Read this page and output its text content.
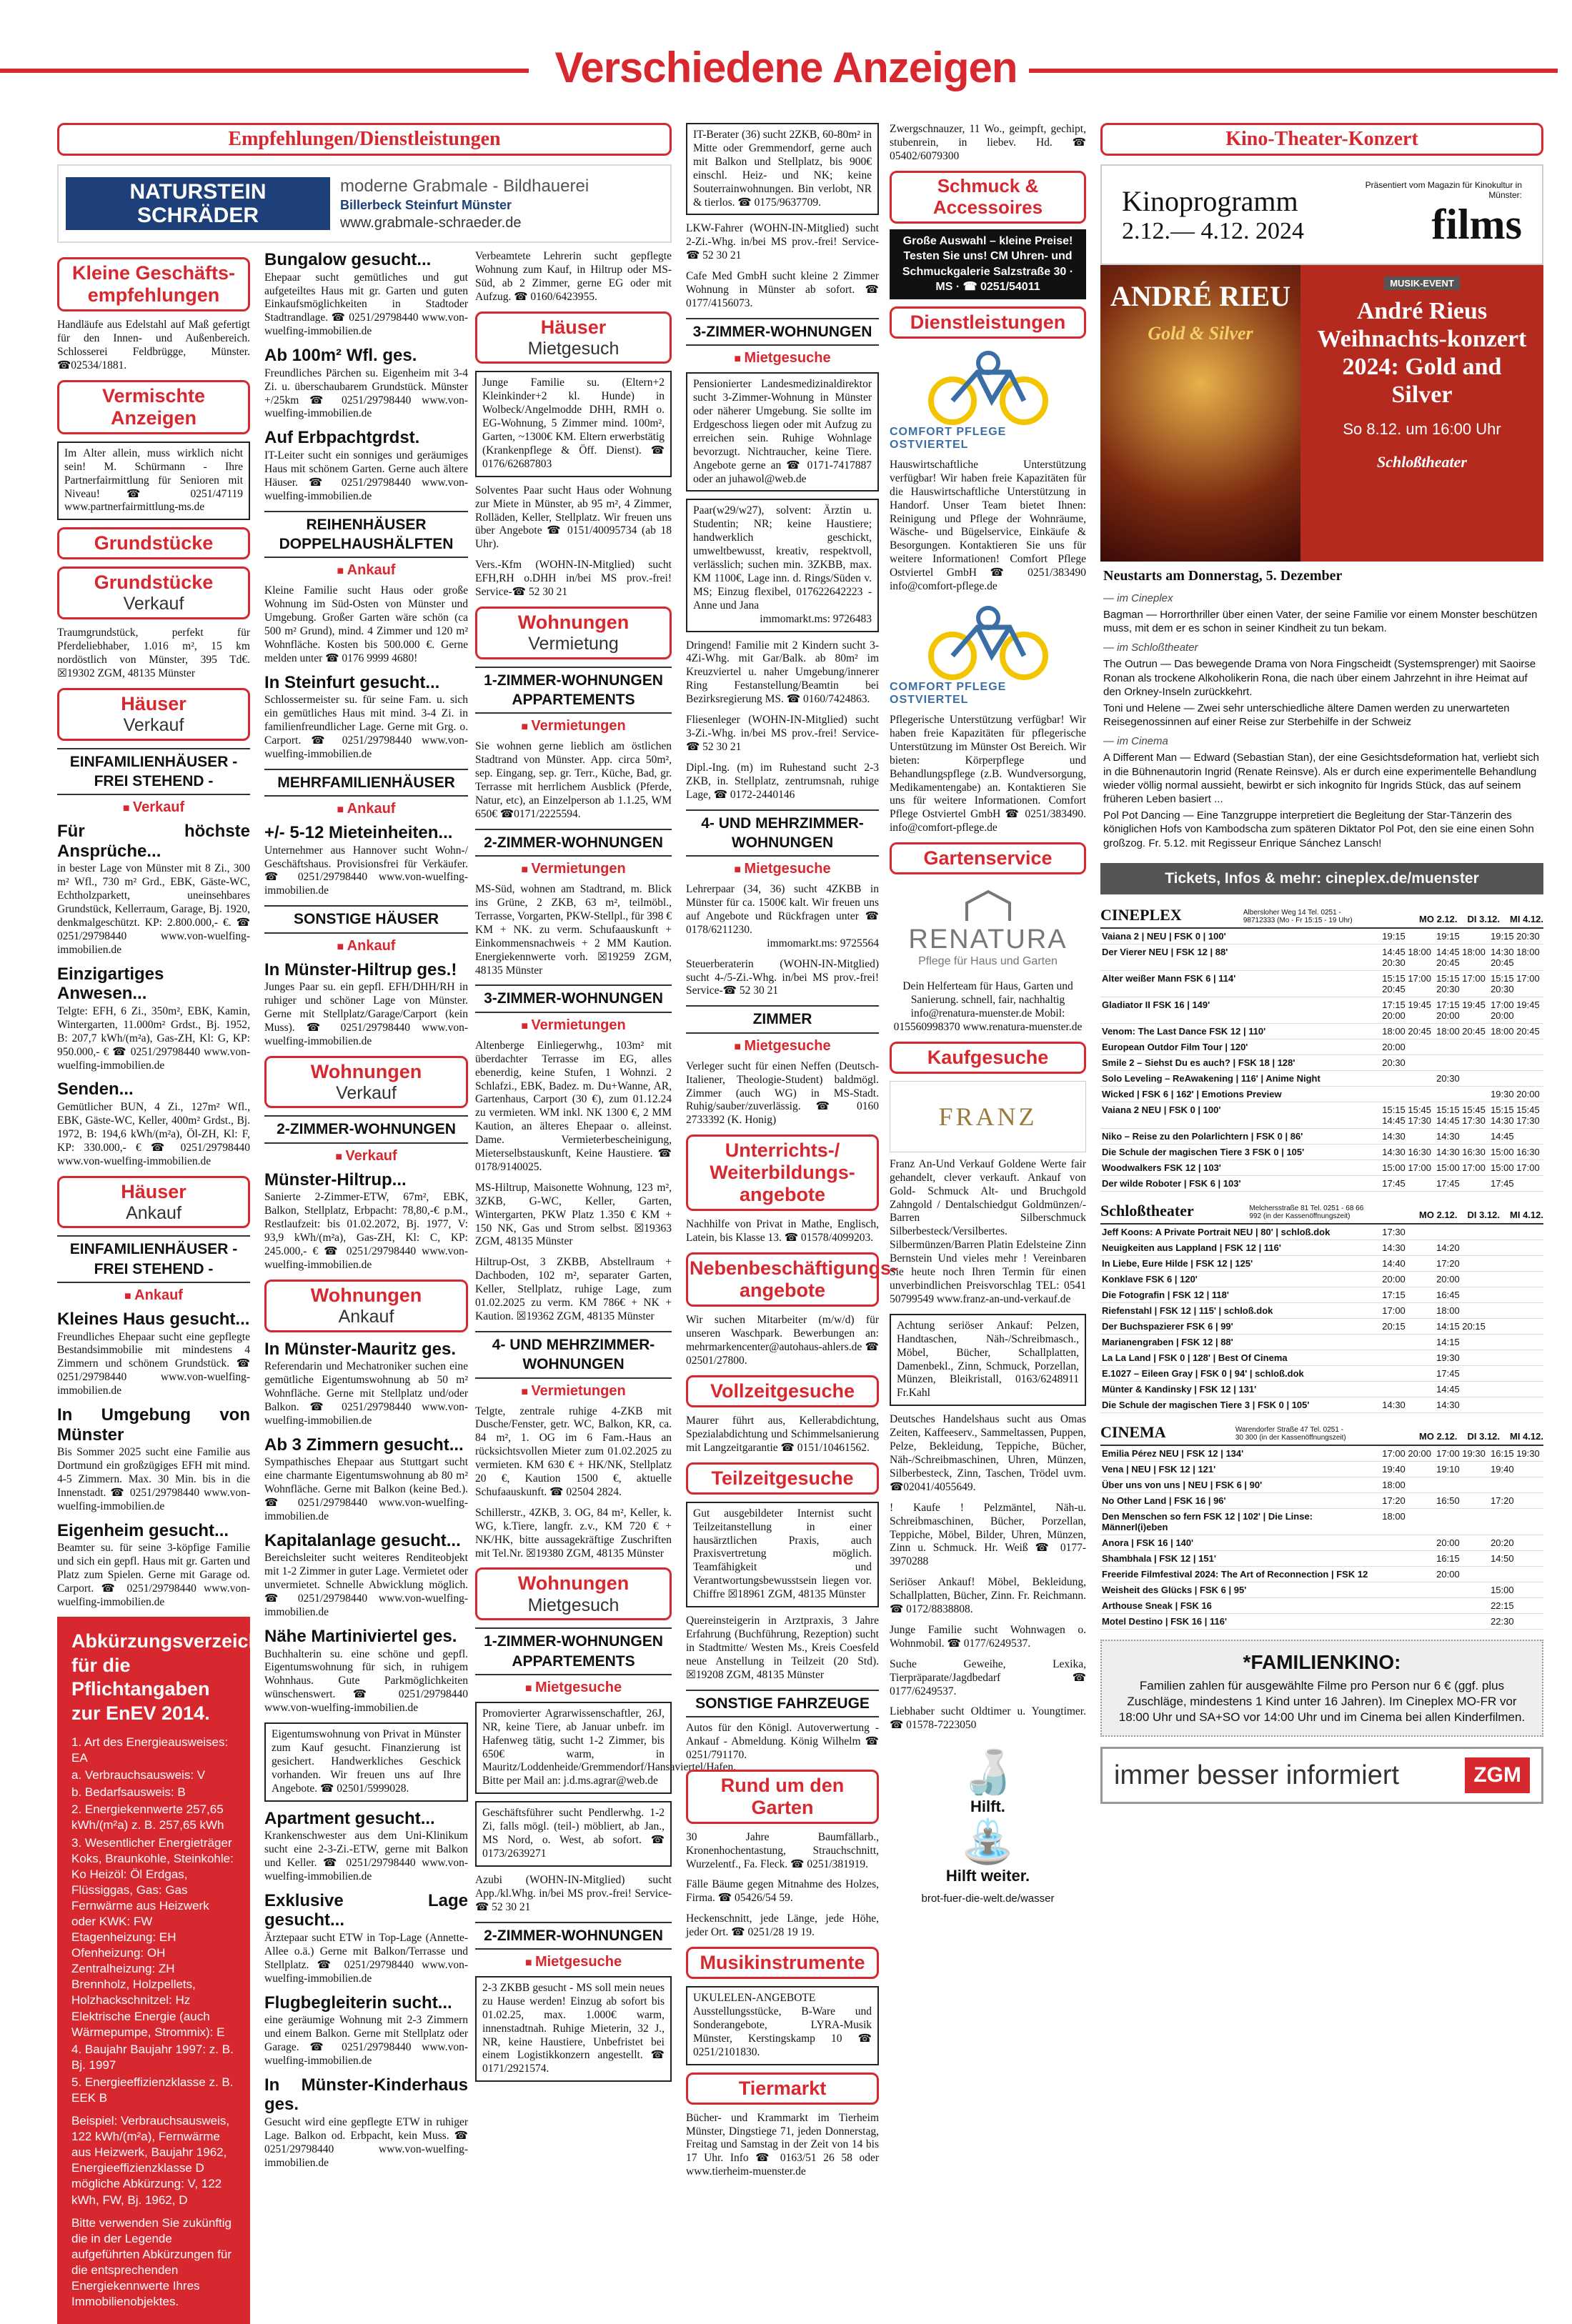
Verschiedene Anzeigen
Empfehlungen/Dienstleistungen
NATURSTEIN SCHRÄDER
moderne Grabmale - Bildhauerei
Billerbeck Steinfurt Münster
www.grabmale-schraeder.de
Kleine Geschäfts-empfehlungen
Handläufe aus Edelstahl auf Maß gefertigt für den Innen- und Außenbereich. Schlosserei Feldbrügge, Münster. ☎02534/1881.
Vermischte Anzeigen
Im Alter allein, muss wirklich nicht sein! M. Schürmann - Ihre Partnerfairmittlung für Senioren mit Niveau! ☎ 0251/47119 www.partnerfairmittlung-ms.de
Grundstücke
Grundstücke
Verkauf
Traumgrundstück, perfekt für Pferdeliebhaber, 1.016 m², 15 km nordöstlich von Münster, 395 Td€. ☒19302 ZGM, 48135 Münster
Häuser
Verkauf
EINFAMILIENHÄUSER - FREI STEHEND -
■ Verkauf
Für höchste Ansprüche...
in bester Lage von Münster mit 8 Zi., 300 m² Wfl., 730 m² Grd., EBK, Gäste-WC, Echtholzparkett, uneinsehbares Grundstück, Kellerraum, Garage, Bj. 1920, denkmalgeschützt. KP: 2.800.000,- €. ☎ 0251/29798440 www.von-wuelfing-immobilien.de
Einzigartiges Anwesen...
Telgte: EFH, 6 Zi., 350m², EBK, Kamin, Wintergarten, 11.000m² Grdst., Bj. 1952, B: 207,7 kWh/(m²a), Gas-ZH, Kl: G, KP: 950.000,- € ☎ 0251/29798440 www.von-wuelfing-immobilien.de
Senden...
Gemütlicher BUN, 4 Zi., 127m² Wfl., EBK, Gäste-WC, Keller, 400m² Grdst., Bj. 1972, B: 194,6 kWh/(m²a), Öl-ZH, Kl: F, KP: 330.000,- € ☎ 0251/29798440 www.von-wuelfing-immobilien.de
Häuser
Ankauf
EINFAMILIENHÄUSER - FREI STEHEND -
■ Ankauf
Kleines Haus gesucht...
Freundliches Ehepaar sucht eine gepflegte Bestandsimmobilie mit mindestens 4 Zimmern und schönem Grundstück. ☎ 0251/29798440 www.von-wuelfing-immobilien.de
In Umgebung von Münster
Bis Sommer 2025 sucht eine Familie aus Dortmund ein großzügiges EFH mit mind. 4-5 Zimmern. Max. 30 Min. bis in die Innenstadt. ☎ 0251/29798440 www.von-wuelfing-immobilien.de
Eigenheim gesucht...
Beamter su. für seine 3-köpfige Familie und sich ein gepfl. Haus mit gr. Garten und Platz zum Spielen. Gerne mit Garage od. Carport. ☎ 0251/29798440 www.von-wuelfing-immobilien.de
Abkürzungsverzeichnis für die Pflichtangaben zur EnEV 2014.
1. Art des Energieausweises: EA
a. Verbrauchsausweis: V
b. Bedarfsausweis: B
2. Energiekennwerte 257,65 kWh/(m²a) z. B. 257,65 kWh
3. Wesentlicher Energieträger Koks, Braunkohle, Steinkohle: Ko Heizöl: Öl Erdgas, Flüssiggas, Gas: Gas Fernwärme aus Heizwerk oder KWK: FW Etagenheizung: EH Ofenheizung: OH Zentralheizung: ZH Brennholz, Holzpellets, Holzhackschnitzel: Hz Elektrische Energie (auch Wärmepumpe, Strommix): E
4. Baujahr Baujahr 1997: z. B. Bj. 1997
5. Energieeffizienzklasse z. B. EEK B
Beispiel: Verbrauchsausweis, 122 kWh/(m²a), Fernwärme aus Heizwerk, Baujahr 1962, Energieeffizienzklasse D mögliche Abkürzung: V, 122 kWh, FW, Bj. 1962, D
Bitte verwenden Sie zukünftig die in der Legende aufgeführten Abkürzungen für die entsprechenden Energiekennwerte Ihres Immobilienobjektes.
Bungalow gesucht...
Ehepaar sucht gemütliches und gut aufgeteiltes Haus mit gr. Garten und guten Einkaufsmöglichkeiten in Stadtoder Stadtrandlage. ☎ 0251/29798440 www.von-wuelfing-immobilien.de
Ab 100m² Wfl. ges.
Freundliches Pärchen su. Eigenheim mit 3-4 Zi. u. überschaubarem Grundstück. Münster +/25km ☎ 0251/29798440 www.von-wuelfing-immobilien.de
Auf Erbpachtgrdst.
IT-Leiter sucht ein sonniges und geräumiges Haus mit schönem Garten. Gerne auch ältere Häuser. ☎ 0251/29798440 www.von-wuelfing-immobilien.de
REIHENHÄUSER DOPPELHAUSHÄLFTEN
■ Ankauf
Kleine Familie sucht Haus oder große Wohnung im Süd-Osten von Münster und Umgebung. Großer Garten wäre schön (ca 500 m² Grund), mind. 4 Zimmer und 120 m² Wohnfläche. Kosten bis 500.000 €. Gerne melden unter ☎ 0176 9999 4680!
In Steinfurt gesucht...
Schlossermeister su. für seine Fam. u. sich ein gemütliches Haus mit mind. 3-4 Zi. in familienfreundlicher Lage. Gerne mit Grg. o. Carport. ☎ 0251/29798440 www.von-wuelfing-immobilien.de
MEHRFAMILIENHÄUSER
■ Ankauf
+/- 5-12 Mieteinheiten...
Unternehmer aus Hannover sucht Wohn-/ Geschäftshaus. Provisionsfrei für Verkäufer. ☎ 0251/29798440 www.von-wuelfing-immobilien.de
SONSTIGE HÄUSER
■ Ankauf
In Münster-Hiltrup ges.!
Junges Paar su. ein gepfl. EFH/DHH/RH in ruhiger und schöner Lage von Münster. Gerne mit Stellplatz/Garage/Carport (kein Muss). ☎ 0251/29798440 www.von-wuelfing-immobilien.de
Wohnungen
Verkauf
2-ZIMMER-WOHNUNGEN
■ Verkauf
Münster-Hiltrup...
Sanierte 2-Zimmer-ETW, 67m², EBK, Balkon, Stellplatz, Erbpacht: 78,80,-€ p.M., Restlaufzeit: bis 01.02.2072, Bj. 1977, V: 93,9 kWh/(m²a), Gas-ZH, Kl: C, KP: 245.000,- € ☎ 0251/29798440 www.von-wuelfing-immobilien.de
Wohnungen
Ankauf
In Münster-Mauritz ges.
Referendarin und Mechatroniker suchen eine gemütliche Eigentumswohnung ab 50 m² Wohnfläche. Gerne mit Stellplatz und/oder Balkon. ☎ 0251/29798440 www.von-wuelfing-immobilien.de
Ab 3 Zimmern gesucht...
Sympathisches Ehepaar aus Stuttgart sucht eine charmante Eigentumswohnung ab 80 m² Wohnfläche. Gerne mit Balkon (keine Bed.). ☎ 0251/29798440 www.von-wuelfing-immobilien.de
Kapitalanlage gesucht...
Bereichsleiter sucht weiteres Renditeobjekt mit 1-2 Zimmer in guter Lage. Vermietet oder unvermietet. Schnelle Abwicklung möglich. ☎ 0251/29798440 www.von-wuelfing-immobilien.de
Nähe Martiniviertel ges.
Buchhalterin su. eine schöne und gepfl. Eigentumswohnung für sich, in ruhigem Wohnhaus. Gute Parkmöglichkeiten wünschenswert. ☎ 0251/29798440 www.von-wuelfing-immobilien.de
Eigentumswohnung von Privat in Münster zum Kauf gesucht. Finanzierung ist gesichert. Handwerkliches Geschick vorhanden. Wir freuen uns auf Ihre Angebote. ☎ 02501/5999028.
Apartment gesucht...
Krankenschwester aus dem Uni-Klinikum sucht eine 2-3-Zi.-ETW, gerne mit Balkon und Keller. ☎ 0251/29798440 www.von-wuelfing-immobilien.de
Exklusive Lage gesucht...
Ärztepaar sucht ETW in Top-Lage (Annette-Allee o.ä.) Gerne mit Balkon/Terrasse und Stellplatz. ☎ 0251/29798440 www.von-wuelfing-immobilien.de
Flugbegleiterin sucht...
eine geräumige Wohnung mit 2-3 Zimmern und einem Balkon. Gerne mit Stellplatz oder Garage. ☎ 0251/29798440 www.von-wuelfing-immobilien.de
In Münster-Kinderhaus ges.
Gesucht wird eine gepflegte ETW in ruhiger Lage. Balkon od. Erbpacht, kein Muss. ☎ 0251/29798440 www.von-wuelfing-immobilien.de
Verbeamtete Lehrerin sucht gepflegte Wohnung zum Kauf, in Hiltrup oder MS-Süd, ab 2 Zimmer, gerne EG oder mit Aufzug. ☎ 0160/6423955.
Häuser
Mietgesuch
Junge Familie su. (Eltern+2 Kleinkinder+2 kl. Hunde) in Wolbeck/Angelmodde DHH, RMH o. EG-Wohnung, 5 Zimmer mind. 100m², Garten, ~1300€ KM. Eltern erwerbstätig (Krankenpflege & Öff. Dienst). ☎ 0176/62687803
Solventes Paar sucht Haus oder Wohnung zur Miete in Münster, ab 95 m², 4 Zimmer, Rolläden, Keller, Stellplatz. Wir freuen uns über Angebote ☎ 0151/40095734 (ab 18 Uhr).
Vers.-Kfm (WOHN-IN-Mitglied) sucht EFH,RH o.DHH in/bei MS prov.-frei! Service-☎ 52 30 21
Wohnungen
Vermietung
1-ZIMMER-WOHNUNGEN APPARTEMENTS
■ Vermietungen
Sie wohnen gerne lieblich am östlichen Stadtrand von Münster. App. circa 50m², sep. Eingang, sep. gr. Terr., Küche, Bad, gr. Terrasse mit herrlichem Ausblick (Pferde, Natur, etc), an Einzelperson ab 1.1.25, WM 650€ ☎0171/2225594.
2-ZIMMER-WOHNUNGEN
■ Vermietungen
MS-Süd, wohnen am Stadtrand, m. Blick ins Grüne, 2 ZKB, 63 m², teilmöbl., Terrasse, Vorgarten, PKW-Stellpl., für 398 € KM + NK. zu verm. Schufaauskunft + Einkommensnachweis + 2 MM Kaution. Energiekennwerte vorh. ☒19259 ZGM, 48135 Münster
3-ZIMMER-WOHNUNGEN
■ Vermietungen
Altenberge Einliegerwhg., 103m² mit überdachter Terrasse im EG, alles ebenerdig, keine Stufen, 1 Wohnzi. 2 Schlafzi., EBK, Badez. m. Du+Wanne, AR, Gartenhaus, Carport (30 €), zum 01.12.24 zu vermieten. WM inkl. NK 1300 €, 2 MM Kaution, an älteres Ehepaar o. alleinst. Dame. Vermieterbescheinigung, Mieterselbstauskunft, Keine Haustiere. ☎ 0178/9140025.
MS-Hiltrup, Maisonette Wohnung, 123 m², 3ZKB, G-WC, Keller, Garten, Wintergarten, PKW Platz 1.350 € KM + 150 NK, Gas und Strom selbst. ☒19363 ZGM, 48135 Münster
Hiltrup-Ost, 3 ZKBB, Abstellraum + Dachboden, 102 m², separater Garten, Keller, Stellplatz, ruhige Lage, zum 01.02.2025 zu verm. KM 786€ + NK + Kaution. ☒19362 ZGM, 48135 Münster
4- UND MEHRZIMMER-WOHNUNGEN
■ Vermietungen
Telgte, zentrale ruhige 4-ZKB mit Dusche/Fenster, getr. WC, Balkon, KR, ca. 84 m², 1. OG im 6 Fam.-Haus an rücksichtsvollen Mieter zum 01.02.2025 zu vermieten. KM 630 € + HK/NK, Stellplatz 20 €, Kaution 1500 €, aktuelle Schufaauskunft. ☎ 02504 2824.
Schillerstr., 4ZKB, 3. OG, 84 m², Keller, k. WG, k.Tiere, langfr. z.v., KM 720 € + NK/HK, bitte aussagekräftige Zuschriften mit Tel.Nr. ☒19380 ZGM, 48135 Münster
Wohnungen
Mietgesuch
1-ZIMMER-WOHNUNGEN APPARTEMENTS
■ Mietgesuche
Promovierter Agrarwissenschaftler, 26J, NR, keine Tiere, ab Januar unbefr. im Hafenweg tätig, sucht 1-2 Zimmer, bis 650€ warm, in Mauritz/Loddenheide/Gremmendorf/Hansaviertel/Hafen. Bitte per Mail an: j.d.ms.agrar@web.de
Geschäftsführer sucht Pendlerwhg. 1-2 Zi, falls mögl. (teil-) möbliert, ab Jan., MS Nord, o. West, ab sofort. ☎ 0173/2639271
Azubi (WOHN-IN-Mitglied) sucht App./kl.Whg. in/bei MS prov.-frei! Service-☎ 52 30 21
2-ZIMMER-WOHNUNGEN
■ Mietgesuche
2-3 ZKBB gesucht - MS soll mein neues zu Hause werden! Einzug ab sofort bis 01.02.25, max. 1.000€ warm, innenstadtnah. Ruhige Mieterin, 32 J., NR, keine Haustiere, Unbefristet bei einem Logistikkonzern angestellt. ☎ 0171/2921574.
IT-Berater (36) sucht 2ZKB, 60-80m² in Mitte oder Gremmendorf, gerne auch mit Balkon und Stellplatz, bis 900€ einschl. Heiz- und NK; keine Souterrainwohnungen. Bin verlobt, NR & tierlos. ☎ 0175/9637709.
LKW-Fahrer (WOHN-IN-Mitglied) sucht 2-Zi.-Whg. in/bei MS prov.-frei! Service-☎ 52 30 21
Cafe Med GmbH sucht kleine 2 Zimmer Wohnung in Münster ab sofort. ☎ 0177/4156073.
3-ZIMMER-WOHNUNGEN
■ Mietgesuche
Pensionierter Landesmedizinaldirektor sucht 3-Zimmer-Wohnung in Münster oder näherer Umgebung. Sie sollte im Erdgeschoss liegen oder mit Aufzug zu erreichen sein. Ruhige Wohnlage bevorzugt. Nichtraucher, keine Tiere. Angebote gerne an ☎ 0171-7417887 oder an juhawol@web.de
Paar(w29/w27), solvent: Ärztin u. Studentin; NR; keine Haustiere; handwerklich geschickt, umweltbewusst, kreativ, respektvoll, verlässlich; suchen min. 3ZKBB, max. KM 1100€, Lage inn. d. Rings/Süden v. MS; Einzug flexibel, 017622642223 - Anne und Jana

immomarkt.ms: 9726483
Dringend! Familie mit 2 Kindern sucht 3-4Zi-Whg. mit Gar/Balk. ab 80m² im Kreuzviertel u. naher Umgebung/innerer Ring Festanstellung/Beamtin bei Bezirksregierung MS. ☎ 0160/7424863.
Fliesenleger (WOHN-IN-Mitglied) sucht 3-Zi.-Whg. in/bei MS prov.-frei! Service-☎ 52 30 21
Dipl.-Ing. (m) im Ruhestand sucht 2-3 ZKB, in. Stellplatz, zentrumsnah, ruhige Lage, ☎ 0172-2440146
4- UND MEHRZIMMER-WOHNUNGEN
■ Mietgesuche
Lehrerpaar (34, 36) sucht 4ZKBB in Münster für ca. 1500€ kalt. Wir freuen uns auf Angebote und Rückfragen unter ☎ 0178/6211230.

immomarkt.ms: 9725564
Steuerberaterin (WOHN-IN-Mitglied) sucht 4-/5-Zi.-Whg. in/bei MS prov.-frei! Service-☎ 52 30 21
ZIMMER
■ Mietgesuche
Verleger sucht für einen Neffen (Deutsch-Italiener, Theologie-Student) baldmögl. Zimmer (auch WG) in MS-Stadt. Ruhig/sauber/zuverlässig. ☎ 0160 2733392 (K. Honig)
Unterrichts-/ Weiterbildungs-angebote
Nachhilfe von Privat in Mathe, Englisch, Latein, bis Klasse 13. ☎ 01578/4099203.
Nebenbeschäftigungs-angebote
Wir suchen Mitarbeiter (m/w/d) für unseren Waschpark. Bewerbungen an: mehrmarkencenter@autohaus-ahlers.de ☎ 02501/27800.
Vollzeitgesuche
Maurer führt aus, Kellerabdichtung, Spezialabdichtung und Schimmelsanierung mit Langzeitgarantie ☎ 0151/10461562.
Teilzeitgesuche
Gut ausgebildeter Internist sucht Teilzeitanstellung in einer hausärztlichen Praxis, auch Praxisvertretung möglich. Teamfähigkeit und Verantwortungsbewusstsein liegen vor. Chiffre ☒18961 ZGM, 48135 Münster
Quereinsteigerin in Arztpraxis, 3 Jahre Erfahrung (Buchführung, Rezeption) sucht in Stadtmitte/ Westen Ms., Kreis Coesfeld neue Anstellung in Teilzeit (20 Std). ☒19208 ZGM, 48135 Münster
SONSTIGE FAHRZEUGE
Autos für den Königl. Autoverwertung - Ankauf - Abmeldung. König Wilhelm ☎ 0251/791170.
Rund um den Garten
30 Jahre Baumfällarb., Kronenhochentastung, Strauchschnitt, Wurzelentf., Fa. Fleck. ☎ 0251/381919.
Fälle Bäume gegen Mitnahme des Holzes, Firma. ☎ 05426/54 59.
Heckenschnitt, jede Länge, jede Höhe, jeder Ort. ☎ 0251/28 19 19.
Musikinstrumente
UKULELEN-ANGEBOTE Ausstellungsstücke, B-Ware und Sonderangebote, LYRA-Musik Münster, Kerstingskamp 10 ☎ 0251/2101830.
Tiermarkt
Bücher- und Krammarkt im Tierheim Münster, Dingstiege 71, jeden Donnerstag, Freitag und Samstag in der Zeit von 14 bis 17 Uhr. Info ☎ 0163/51 26 58 oder www.tierheim-muenster.de
Zwergschnauzer, 11 Wo., geimpft, gechipt, stubenrein, in liebev. Hd. ☎ 05402/6079300
Schmuck & Accessoires
Große Auswahl – kleine Preise! Testen Sie uns! CM Uhren- und Schmuckgalerie Salzstraße 30 · MS · ☎ 0251/54011
Dienstleistungen
COMFORT PFLEGE OSTVIERTEL
Hauswirtschaftliche Unterstützung verfügbar! Wir haben freie Kapazitäten für die Hauswirtschaftliche Unterstützung in Handorf. Unser Team bietet Ihnen: Reinigung und Pflege der Wohnräume, Wäsche- und Bügelservice, Einkäufe & Besorgungen. Kontaktieren Sie uns für weitere Informationen! Comfort Pflege Ostviertel GmbH ☎ 0251/383490 info@comfort-pflege.de
COMFORT PFLEGE OSTVIERTEL
Pflegerische Unterstützung verfügbar! Wir haben freie Kapazitäten für pflegerische Unterstützung im Münster Ost Bereich. Wir bieten: Körperpflege und Behandlungspflege (z.B. Wundversorgung, Medikamentengabe) an. Kontaktieren Sie uns für weitere Informationen. Comfort Pflege Ostviertel GmbH ☎ 0251/383490. info@comfort-pflege.de
Gartenservice
RENATURA
Pflege für Haus und Garten
Dein Helferteam für Haus, Garten und Sanierung. schnell, fair, nachhaltig info@renatura-muenster.de Mobil: 015560998370 www.renatura-muenster.de
Kaufgesuche
FRANZ
Franz An-Und Verkauf Goldene Werte fair gehandelt, clever verkauft. Ankauf von Gold- Schmuck Alt- und Bruchgold Zahngold / Dentalschiedgut Goldmünzen/-Barren Silberschmuck Silberbesteck/Versilbertes. Silbermünzen/Barren Platin Edelsteine Zinn Bernstein Und vieles mehr ! Vereinbaren Sie heute noch Ihren Termin für einen unverbindlichen Preisvorschlag TEL: 0541 50799549 www.franz-an-und-verkauf.de
Achtung seriöser Ankauf: Pelzen, Handtaschen, Näh-/Schreibmasch., Möbel, Bücher, Schallplatten, Damenbekl., Zinn, Schmuck, Porzellan, Münzen, Bleikristall, 0163/6248911 Fr.Kahl
Deutsches Handelshaus sucht aus Omas Zeiten, Kaffeeserv., Sammeltassen, Puppen, Pelze, Bekleidung, Teppiche, Bücher, Näh-/Schreibmaschinen, Uhren, Münzen, Silberbesteck, Zinn, Taschen, Trödel uvm. ☎02041/4055649.
! Kaufe ! Pelzmäntel, Näh-u. Schreibmaschinen, Bücher, Porzellan, Teppiche, Möbel, Bilder, Uhren, Münzen, Zinn u. Schmuck. Hr. Weiß ☎ 0177-3970288
Seriöser Ankauf! Möbel, Bekleidung, Schallplatten, Bücher, Zinn. Fr. Reichmann. ☎ 0172/8838808.
Junge Familie sucht Wohnwagen o. Wohnmobil. ☎ 0177/6249537.
Suche Geweihe, Lexika, Tierpräparate/Jagdbedarf ☎ 0177/6249537.
Liebhaber sucht Oldtimer u. Youngtimer. ☎ 01578-7223050
🍶
Hilft.
⛲
Hilft weiter.
brot-fuer-die-welt.de/wasser
Kino-Theater-Konzert
Kinoprogramm
2.12.— 4.12. 2024
Präsentiert vom Magazin für Kinokultur in Münster:
films
ANDRÉ RIEU
Gold & Silver
MUSIK-EVENT
André Rieus Weihnachts-konzert 2024: Gold and Silver
So 8.12. um 16:00 Uhr
Schloßtheater
Neustarts am Donnerstag, 5. Dezember
— im Cineplex
Bagman — Horrorthriller über einen Vater, der seine Familie vor einem Monster beschützen muss, mit dem er es schon in seiner Kindheit zu tun bekam.
— im Schloßtheater
The Outrun — Das bewegende Drama von Nora Fingscheidt (Systemsprenger) mit Saoirse Ronan als trockene Alkoholikerin Rona, die nach über einem Jahrzehnt in ihre Heimat auf den Orkney-Inseln zurückkehrt.
Toni und Helene — Zwei sehr unterschiedliche ältere Damen werden zu unerwarteten Reisegenossinnen auf einer Reise zur Sterbehilfe in der Schweiz
— im Cinema
A Different Man — Edward (Sebastian Stan), der eine Gesichtsdeformation hat, verliebt sich in die Bühnenautorin Ingrid (Renate Reinsve). Als er durch eine experimentelle Behandlung wieder völlig normal aussieht, bewirbt er sich inkognito für Ingrids Stück, das auf seinem früheren Leben basiert ...
Pol Pot Dancing — Eine Tanzgruppe interpretiert die Begleitung der Star-Tänzerin des königlichen Hofs von Kambodscha zum späteren Diktator Pol Pot, den sie eine einen Sohn großzog. Fr. 5.12. mit Regisseur Enrique Sánchez Lansch!
Tickets, Infos & mehr: cineplex.de/muenster
CINEPLEX	Albersloher Weg 14 Tel. 0251 - 98712333 (Mo - Fr 15:15 - 19 Uhr)	MO 2.12. DI 3.12. MI 4.12.
Vaiana 2 | NEU | FSK 0 | 100'	19:15	19:15	19:15 20:30
Der Vierer NEU | FSK 12 | 88'	14:45 18:00 20:30	14:45 18:00 20:45	14:30 18:00 20:45
Alter weißer Mann FSK 6 | 114'	15:15 17:00 20:45	15:15 17:00 20:30	15:15 17:00 20:30
Gladiator II FSK 16 | 149'	17:15 19:45 20:00	17:15 19:45 20:00	17:00 19:45 20:00
Venom: The Last Dance FSK 12 | 110'	18:00 20:45	18:00 20:45	18:00 20:45
European Outdor Film Tour | 120'	20:00		
Smile 2 – Siehst Du es auch? | FSK 18 | 128'	20:30		
Solo Leveling – ReAwakening | 116' | Anime Night		20:30	
Wicked | FSK 6 | 162' | Emotions Preview			19:30 20:00
Vaiana 2 NEU | FSK 0 | 100'	15:15 15:45 14:45 17:30	15:15 15:45 14:45 17:30	15:15 15:45 14:30 17:30
Niko – Reise zu den Polarlichtern | FSK 0 | 86'	14:30	14:30	14:45
Die Schule der magischen Tiere 3 FSK 0 | 105'	14:30 16:30	14:30 16:30	15:00 16:30
Woodwalkers FSK 12 | 103'	15:00 17:00	15:00 17:00	15:00 17:00
Der wilde Roboter | FSK 6 | 103'	17:45	17:45	17:45
Schloßtheater	Melchersstraße 81 Tel. 0251 - 68 66 992 (in der Kassenöffnungszeit)	MO 2.12. DI 3.12. MI 4.12.
Jeff Koons: A Private Portrait NEU | 80' | schloß.dok	17:30		
Neuigkeiten aus Lappland | FSK 12 | 116'	14:30	14:20	
In Liebe, Eure Hilde | FSK 12 | 125'	14:40	17:20	
Konklave FSK 6 | 120'	20:00	20:00	
Die Fotografin | FSK 12 | 118'	17:15	16:45	
Riefenstahl | FSK 12 | 115' | schloß.dok	17:00	18:00	
Der Buchspazierer FSK 6 | 99'	20:15	14:15 20:15	
Marianengraben | FSK 12 | 88'		14:15	
La La Land | FSK 0 | 128' | Best Of Cinema		19:30	
E.1027 – Eileen Gray | FSK 0 | 94' | schloß.dok		17:45	
Münter & Kandinsky | FSK 12 | 131'		14:45	
Die Schule der magischen Tiere 3 | FSK 0 | 105'	14:30	14:30	
CINEMA	Warendorfer Straße 47 Tel. 0251 - 30 300 (in der Kassenöffnungszeit)	MO 2.12. DI 3.12. MI 4.12.
Emilia Pérez NEU | FSK 12 | 134'	17:00 20:00	17:00 19:30	16:15 19:30
Vena | NEU | FSK 12 | 121'	19:40	19:10	19:40
Über uns von uns | NEU | FSK 6 | 90'	18:00		
No Other Land | FSK 16 | 96'	17:20	16:50	17:20
Den Menschen so fern FSK 12 | 102' | Die Linse: Männerl(i)eben	18:00		
Anora | FSK 16 | 140'		20:00	20:20
Shambhala | FSK 12 | 151'		16:15	14:50
Freeride Filmfestival 2024: The Art of Reconnection | FSK 12		20:00	
Weisheit des Glücks | FSK 6 | 95'			15:00
Arthouse Sneak | FSK 16			22:15
Motel Destino | FSK 16 | 116'			22:30
*FAMILIENKINO:
Familien zahlen für ausgewählte Filme pro Person nur 6 € (ggf. plus Zuschläge, mindestens 1 Kind unter 16 Jahren). Im Cineplex MO-FR vor 18:00 Uhr und SA+SO vor 14:00 Uhr und im Cinema bei allen Kinderfilmen.
immer besser informiert	ZGM
